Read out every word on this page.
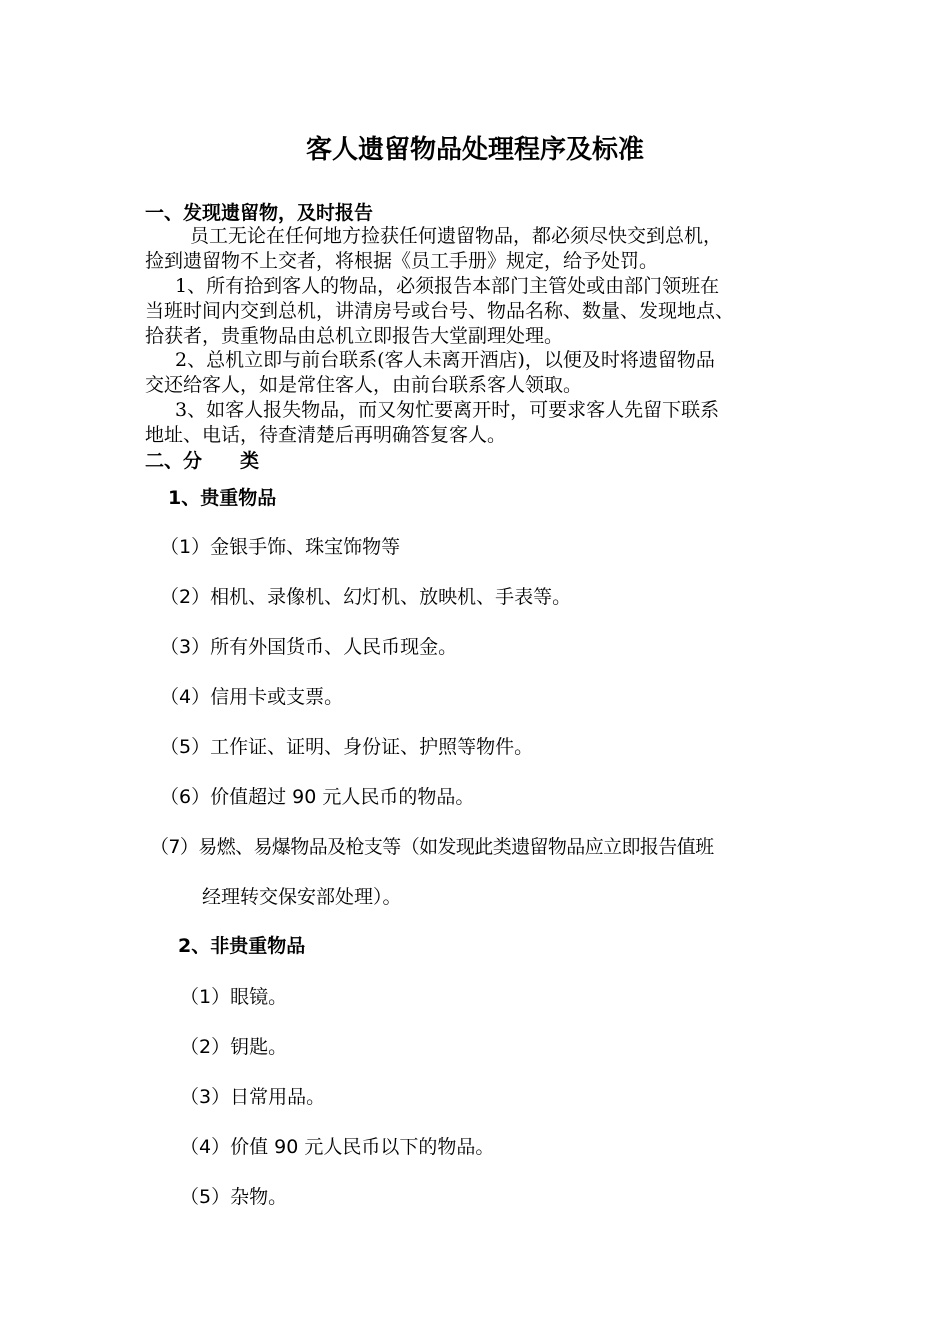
客人遗留物品处理程序及标准
一、发现遗留物，及时报告
员工无论在任何地方捡获任何遗留物品，都必须尽快交到总机，
捡到遗留物不上交者，将根据《员工手册》规定，给予处罚。
1、所有拾到客人的物品，必须报告本部门主管处或由部门领班在
当班时间内交到总机，讲清房号或台号、物品名称、数量、发现地点、
拾获者，贵重物品由总机立即报告大堂副理处理。
2、总机立即与前台联系(客人未离开酒店)，以便及时将遗留物品
交还给客人，如是常住客人，由前台联系客人领取。
3、如客人报失物品，而又匆忙要离开时，可要求客人先留下联系
地址、电话，待查清楚后再明确答复客人。
二、分　　类
1、贵重物品
（1）金银手饰、珠宝饰物等
（2）相机、录像机、幻灯机、放映机、手表等。
（3）所有外国货币、人民币现金。
（4）信用卡或支票。
（5）工作证、证明、身份证、护照等物件。
（6）价值超过 90 元人民币的物品。
（7）易燃、易爆物品及枪支等（如发现此类遗留物品应立即报告值班
经理转交保安部处理）。
2、非贵重物品
（1）眼镜。
（2）钥匙。
（3）日常用品。
（4）价值 90 元人民币以下的物品。
（5）杂物。
